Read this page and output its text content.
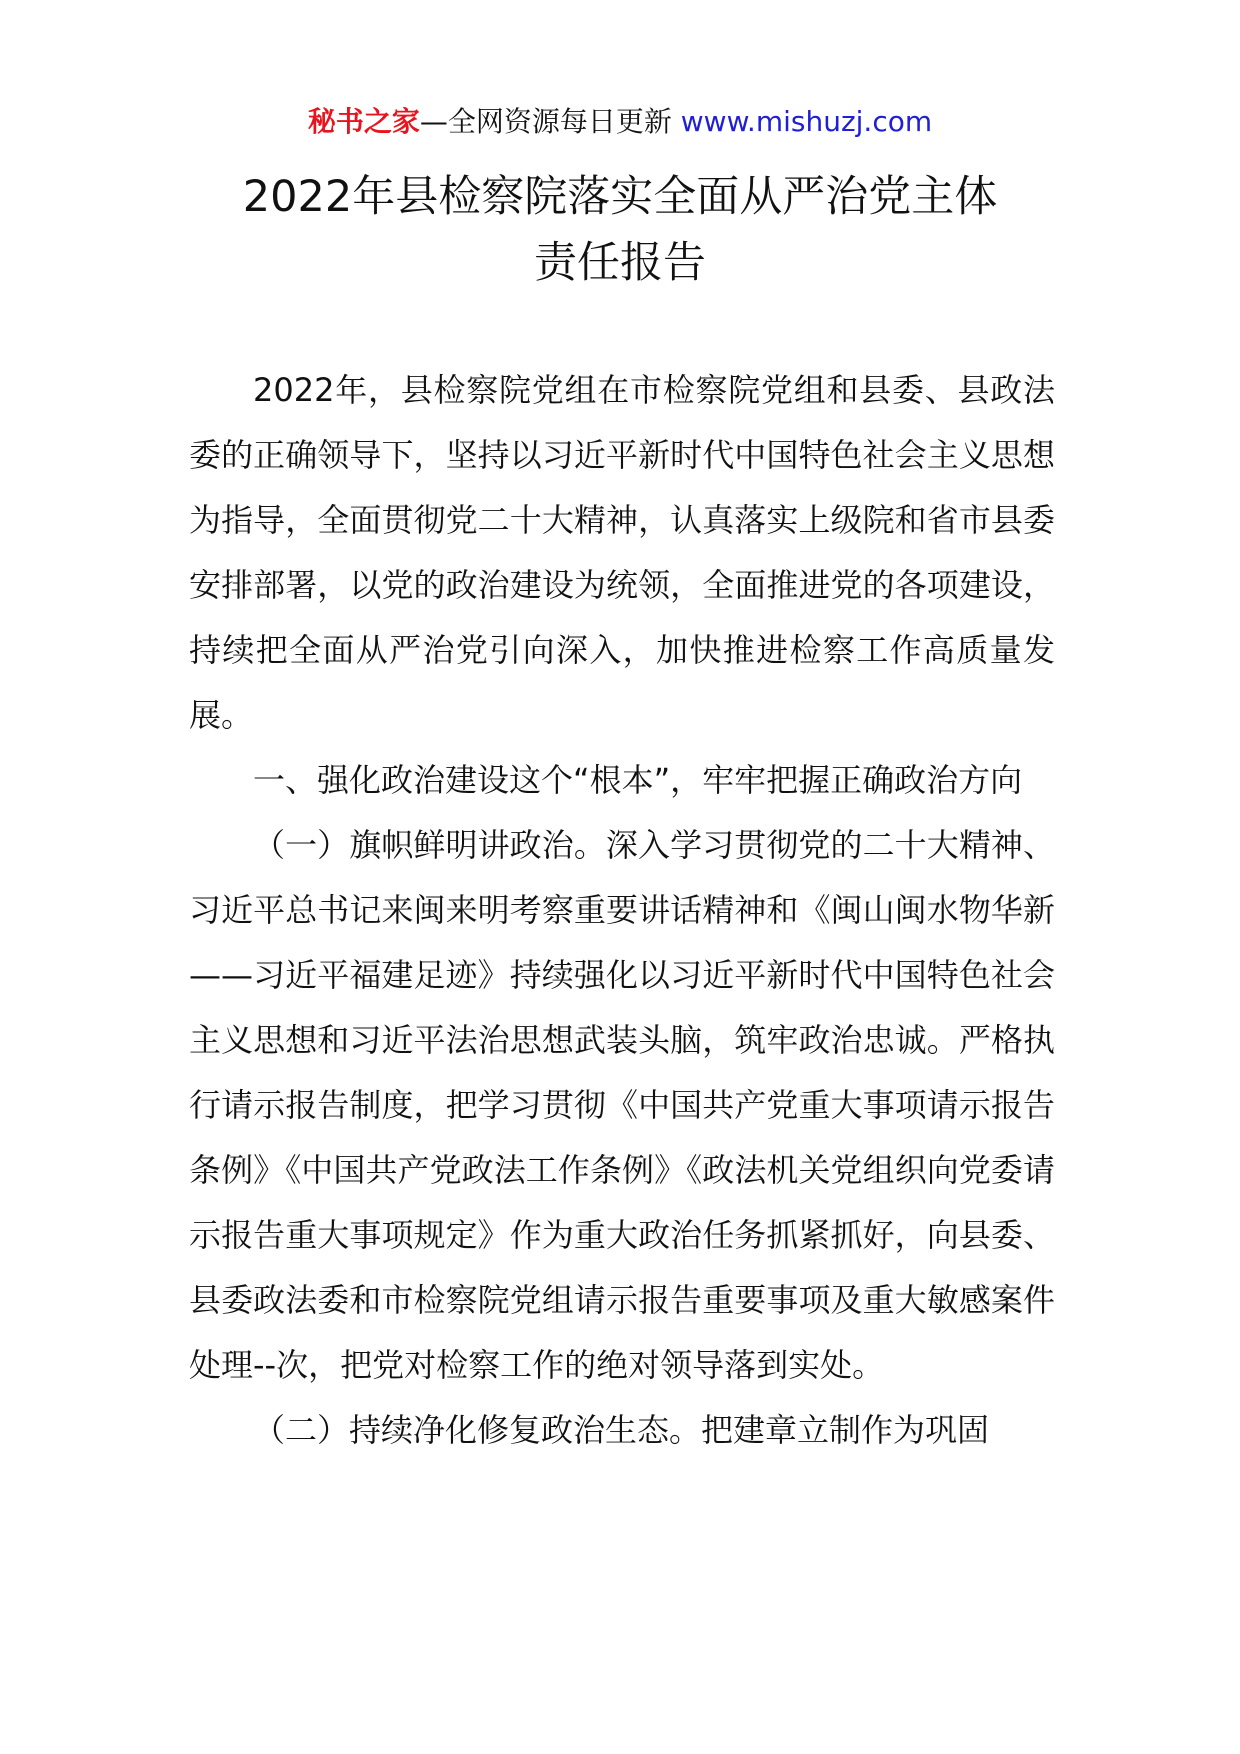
秘书之家—全网资源每日更新 www.mishuzj.com
2022年县检察院落实全面从严治党主体
责任报告

2022年，县检察院党组在市检察院党组和县委、县政法委的正确领导下，坚持以习近平新时代中国特色社会主义思想为指导，全面贯彻党二十大精神，认真落实上级院和省市县委安排部署，以党的政治建设为统领，全面推进党的各项建设，持续把全面从严治党引向深入，加快推进检察工作高质量发展。

一、强化政治建设这个“根本”，牢牢把握正确政治方向

（一）旗帜鲜明讲政治。深入学习贯彻党的二十大精神、习近平总书记来闽来明考察重要讲话精神和《闽山闽水物华新——习近平福建足迹》持续强化以习近平新时代中国特色社会主义思想和习近平法治思想武装头脑，筑牢政治忠诚。严格执行请示报告制度，把学习贯彻《中国共产党重大事项请示报告条例》《中国共产党政法工作条例》《政法机关党组织向党委请示报告重大事项规定》作为重大政治任务抓紧抓好，向县委、县委政法委和市检察院党组请示报告重要事项及重大敏感案件处理--次，把党对检察工作的绝对领导落到实处。

（二）持续净化修复政治生态。把建章立制作为巩固
